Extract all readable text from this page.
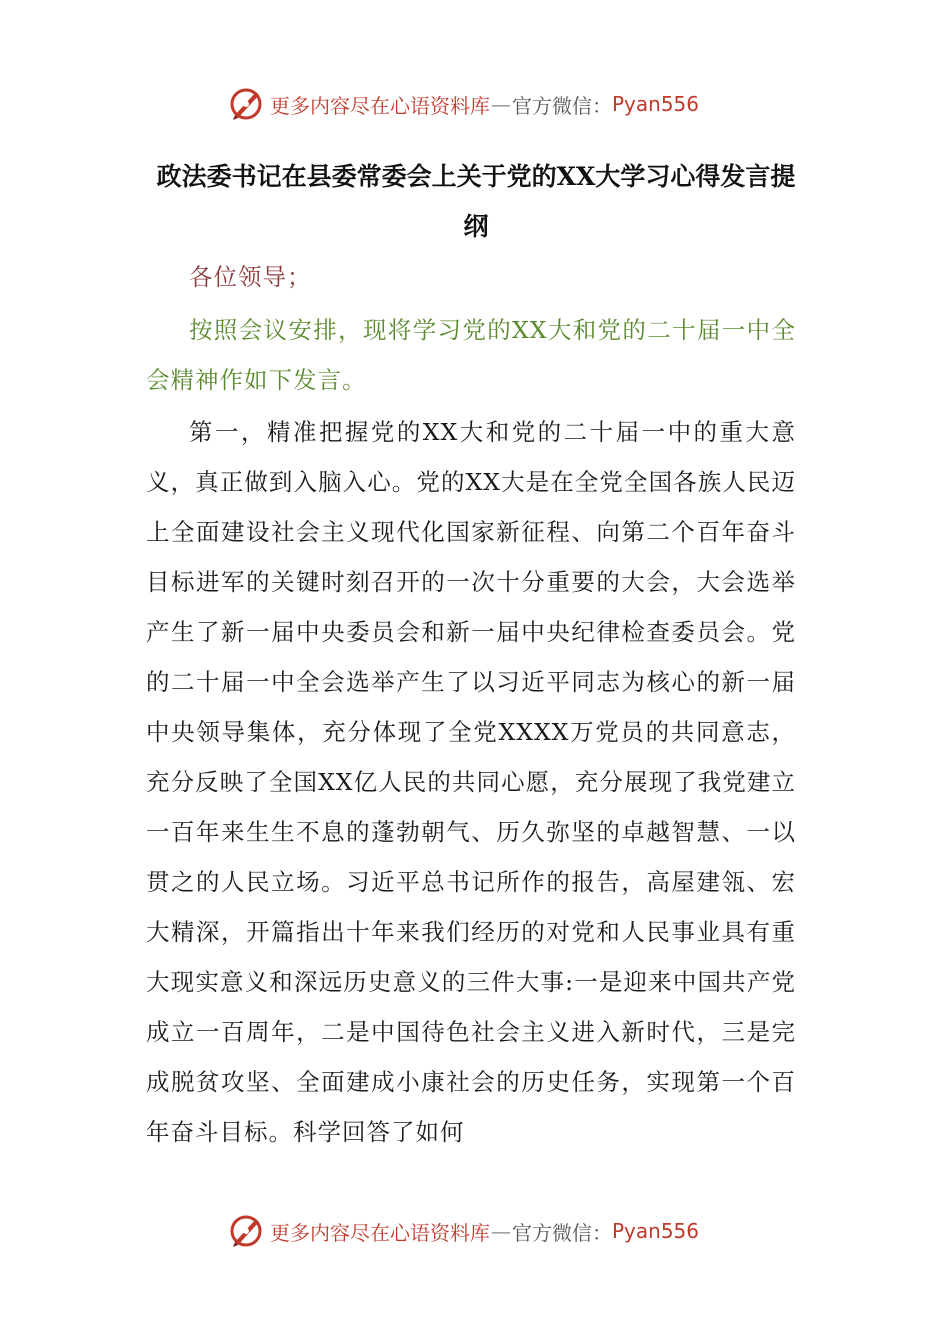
更多内容尽在心语资料库 — 官方微信： Pyan556
政法委书记在县委常委会上关于党的XX大学习心得发言提纲

各位领导；

按照会议安排，现将学习党的XX大和党的二十届一中全会精神作如下发言。

第一，精准把握党的XX大和党的二十届一中的重大意义，真正做到入脑入心。党的XX大是在全党全国各族人民迈上全面建设社会主义现代化国家新征程、向第二个百年奋斗目标进军的关键时刻召开的一次十分重要的大会，大会选举产生了新一届中央委员会和新一届中央纪律检查委员会。党的二十届一中全会选举产生了以习近平同志为核心的新一届中央领导集体，充分体现了全党XXXX万党员的共同意志，充分反映了全国XX亿人民的共同心愿，充分展现了我党建立一百年来生生不息的蓬勃朝气、历久弥坚的卓越智慧、一以贯之的人民立场。习近平总书记所作的报告，高屋建瓴、宏大精深，开篇指出十年来我们经历的对党和人民事业具有重大现实意义和深远历史意义的三件大事:一是迎来中国共产党成立一百周年，二是中国待色社会主义进入新时代，三是完成脱贫攻坚、全面建成小康社会的历史任务，实现第一个百年奋斗目标。科学回答了如何

更多内容尽在心语资料库 — 官方微信： Pyan556
